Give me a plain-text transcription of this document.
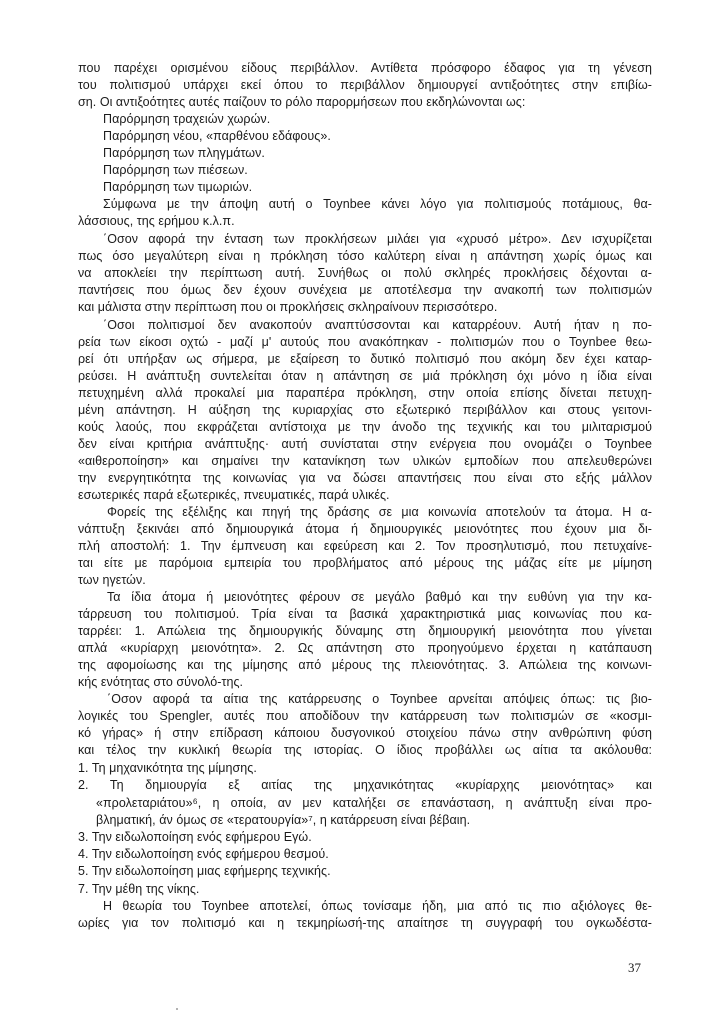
που παρέχει ορισμένου είδους περιβάλλον. Αντίθετα πρόσφορο έδαφος για τη γένεση
του πολιτισμού υπάρχει εκεί όπου το περιβάλλον δημιουργεί αντιξοότητες στην επιβίω-
ση. Οι αντιξοότητες αυτές παίζουν το ρόλο παρορμήσεων που εκδηλώνονται ως:
Παρόρμηση τραχειών χωρών.
Παρόρμηση νέου, «παρθένου εδάφους».
Παρόρμηση των πληγμάτων.
Παρόρμηση των πιέσεων.
Παρόρμηση των τιμωριών.
Σύμφωνα με την άποψη αυτή ο Toynbee κάνει λόγο για πολιτισμούς ποτάμιους, θα-
λάσσιους, της ερήμου κ.λ.π.
΄Οσον αφορά την ένταση των προκλήσεων μιλάει για «χρυσό μέτρο». Δεν ισχυρίζεται
πως όσο μεγαλύτερη είναι η πρόκληση τόσο καλύτερη είναι η απάντηση χωρίς όμως και
να αποκλείει την περίπτωση αυτή. Συνήθως οι πολύ σκληρές προκλήσεις δέχονται α-
παντήσεις που όμως δεν έχουν συνέχεια με αποτέλεσμα την ανακοπή των πολιτισμών
και μάλιστα στην περίπτωση που οι προκλήσεις σκληραίνουν περισσότερο.
΄Οσοι πολιτισμοί δεν ανακοπούν αναπτύσσονται και καταρρέουν. Αυτή ήταν η πο-
ρεία των είκοσι οχτώ - μαζί μ' αυτούς που ανακόπηκαν - πολιτισμών που ο Toynbee θεω-
ρεί ότι υπήρξαν ως σήμερα, με εξαίρεση το δυτικό πολιτισμό που ακόμη δεν έχει καταρ-
ρεύσει. Η ανάπτυξη συντελείται όταν η απάντηση σε μιά πρόκληση όχι μόνο η ίδια είναι
πετυχημένη αλλά προκαλεί μια παραπέρα πρόκληση, στην οποία επίσης δίνεται πετυχη-
μένη απάντηση. Η αύξηση της κυριαρχίας στο εξωτερικό περιβάλλον και στους γειτονι-
κούς λαούς, που εκφράζεται αντίστοιχα με την άνοδο της τεχνικής και του μιλιταρισμού
δεν είναι κριτήρια ανάπτυξης· αυτή συνίσταται στην ενέργεια που ονομάζει ο Toynbee
«αιθεροποίηση» και σημαίνει την κατανίκηση των υλικών εμποδίων που απελευθερώνει
την ενεργητικότητα της κοινωνίας για να δώσει απαντήσεις που είναι στο εξής μάλλον
εσωτερικές παρά εξωτερικές, πνευματικές, παρά υλικές.
Φορείς της εξέλιξης και πηγή της δράσης σε μια κοινωνία αποτελούν τα άτομα. Η α-
νάπτυξη ξεκινάει από δημιουργικά άτομα ή δημιουργικές μειονότητες που έχουν μια δι-
πλή αποστολή: 1. Την έμπνευση και εφεύρεση και 2. Τον προσηλυτισμό, που πετυχαίνε-
ται είτε με παρόμοια εμπειρία του προβλήματος από μέρους της μάζας είτε με μίμηση
των ηγετών.
Τα ίδια άτομα ή μειονότητες φέρουν σε μεγάλο βαθμό και την ευθύνη για την κα-
τάρρευση του πολιτισμού. Τρία είναι τα βασικά χαρακτηριστικά μιας κοινωνίας που κα-
ταρρέει: 1. Απώλεια της δημιουργικής δύναμης στη δημιουργική μειονότητα που γίνεται
απλά «κυρίαρχη μειονότητα». 2. Ως απάντηση στο προηγούμενο έρχεται η κατάπαυση
της αφομοίωσης και της μίμησης από μέρους της πλειονότητας. 3. Απώλεια της κοινωνι-
κής ενότητας στο σύνολό-της.
΄Οσον αφορά τα αίτια της κατάρρευσης ο Toynbee αρνείται απόψεις όπως: τις βιο-
λογικές του Spengler, αυτές που αποδίδουν την κατάρρευση των πολιτισμών σε «κοσμι-
κό γήρας» ή στην επίδραση κάποιου δυσγονικού στοιχείου πάνω στην ανθρώπινη φύση
και τέλος την κυκλική θεωρία της ιστορίας. Ο ίδιος προβάλλει ως αίτια τα ακόλουθα:
1. Τη μηχανικότητα της μίμησης.
2. Τη δημιουργία εξ αιτίας της μηχανικότητας «κυρίαρχης μειονότητας» και
«προλεταριάτου»⁶, η οποία, αν μεν καταλήξει σε επανάσταση, η ανάπτυξη είναι προ-
βληματική, άν όμως σε «τερατουργία»⁷, η κατάρρευση είναι βέβαιη.
3. Την ειδωλοποίηση ενός εφήμερου Εγώ.
4. Την ειδωλοποίηση ενός εφήμερου θεσμού.
5. Την ειδωλοποίηση μιας εφήμερης τεχνικής.
7. Την μέθη της νίκης.
Η θεωρία του Toynbee αποτελεί, όπως τονίσαμε ήδη, μια από τις πιο αξιόλογες θε-
ωρίες για τον πολιτισμό και η τεκμηρίωσή-της απαίτησε τη συγγραφή του ογκωδέστα-
37
